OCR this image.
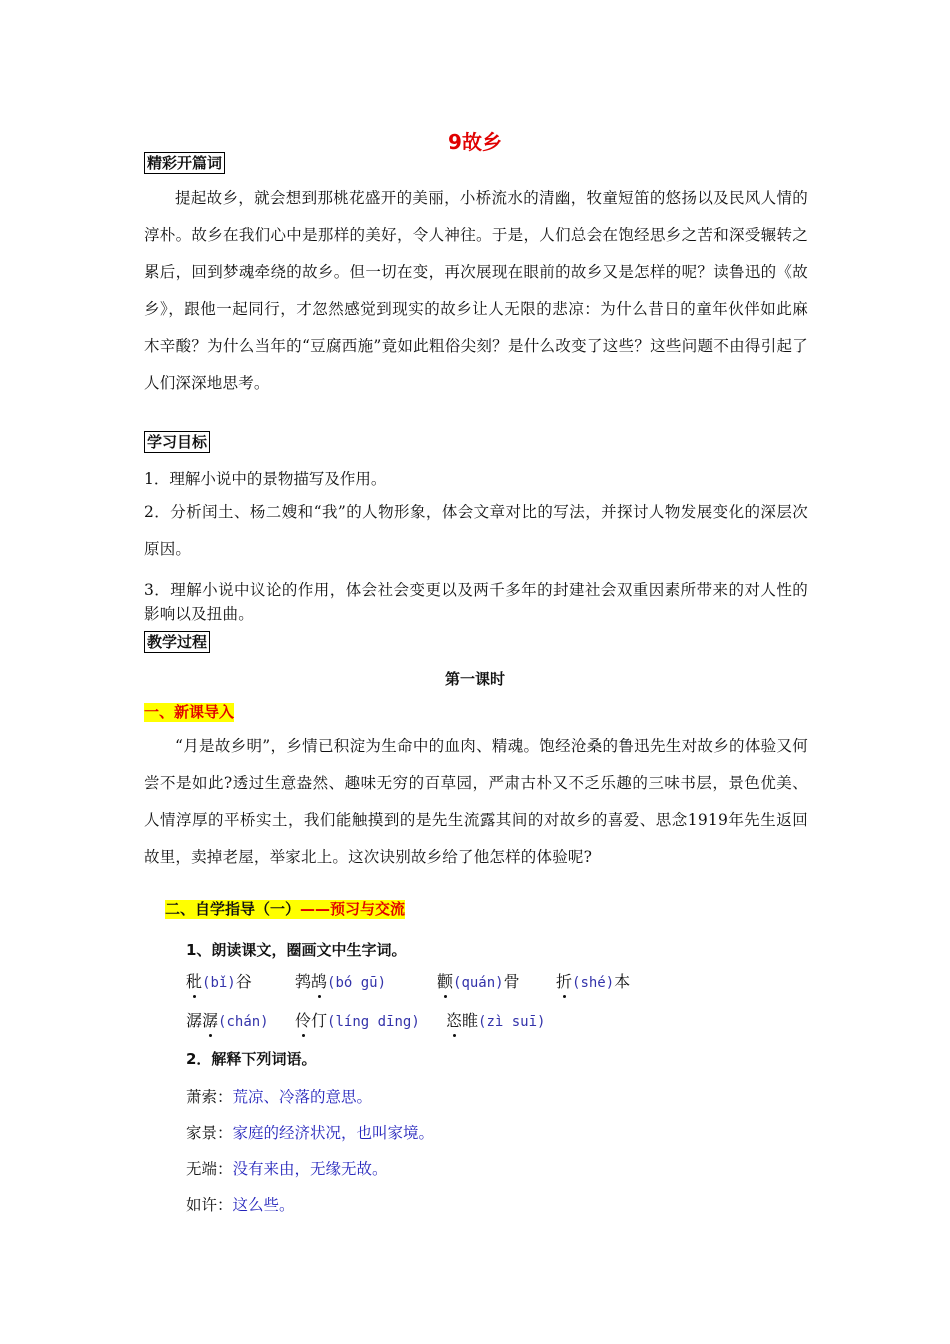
9故乡
精彩开篇词
提起故乡，就会想到那桃花盛开的美丽，小桥流水的清幽，牧童短笛的悠扬以及民风人情的淳朴。故乡在我们心中是那样的美好，令人神往。于是，人们总会在饱经思乡之苦和深受辗转之累后，回到梦魂牵绕的故乡。但一切在变，再次展现在眼前的故乡又是怎样的呢？读鲁迅的《故乡》，跟他一起同行，才忽然感觉到现实的故乡让人无限的悲凉：为什么昔日的童年伙伴如此麻木辛酸？为什么当年的“豆腐西施”竟如此粗俗尖刻？是什么改变了这些？这些问题不由得引起了人们深深地思考。
学习目标
1．理解小说中的景物描写及作用。
2．分析闰土、杨二嫂和“我”的人物形象，体会文章对比的写法，并探讨人物发展变化的深层次原因。
3．理解小说中议论的作用，体会社会变更以及两千多年的封建社会双重因素所带来的对人性的影响以及扭曲。
教学过程
第一课时
一、新课导入
“月是故乡明”，乡情已积淀为生命中的血肉、精魂。饱经沧桑的鲁迅先生对故乡的体验又何尝不是如此?透过生意盎然、趣味无穷的百草园，严肃古朴又不乏乐趣的三味书层，景色优美、人情淳厚的平桥实土，我们能触摸到的是先生流露其间的对故乡的喜爱、思念1919年先生返回故里，卖掉老屋，举家北上。这次诀别故乡给了他怎样的体验呢?
二、自学指导（一）——预习与交流
1、朗读课文，圈画文中生字词。
秕(bǐ)谷	鹁鸪(bó gū)	颧(quán)骨 折(shé)本
潺潺(chán) 伶仃(líng dīng) 恣睢(zì suī)
2．解释下列词语。
萧索：荒凉、冷落的意思。
家景：家庭的经济状况，也叫家境。
无端：没有来由，无缘无故。
如许：这么些。
